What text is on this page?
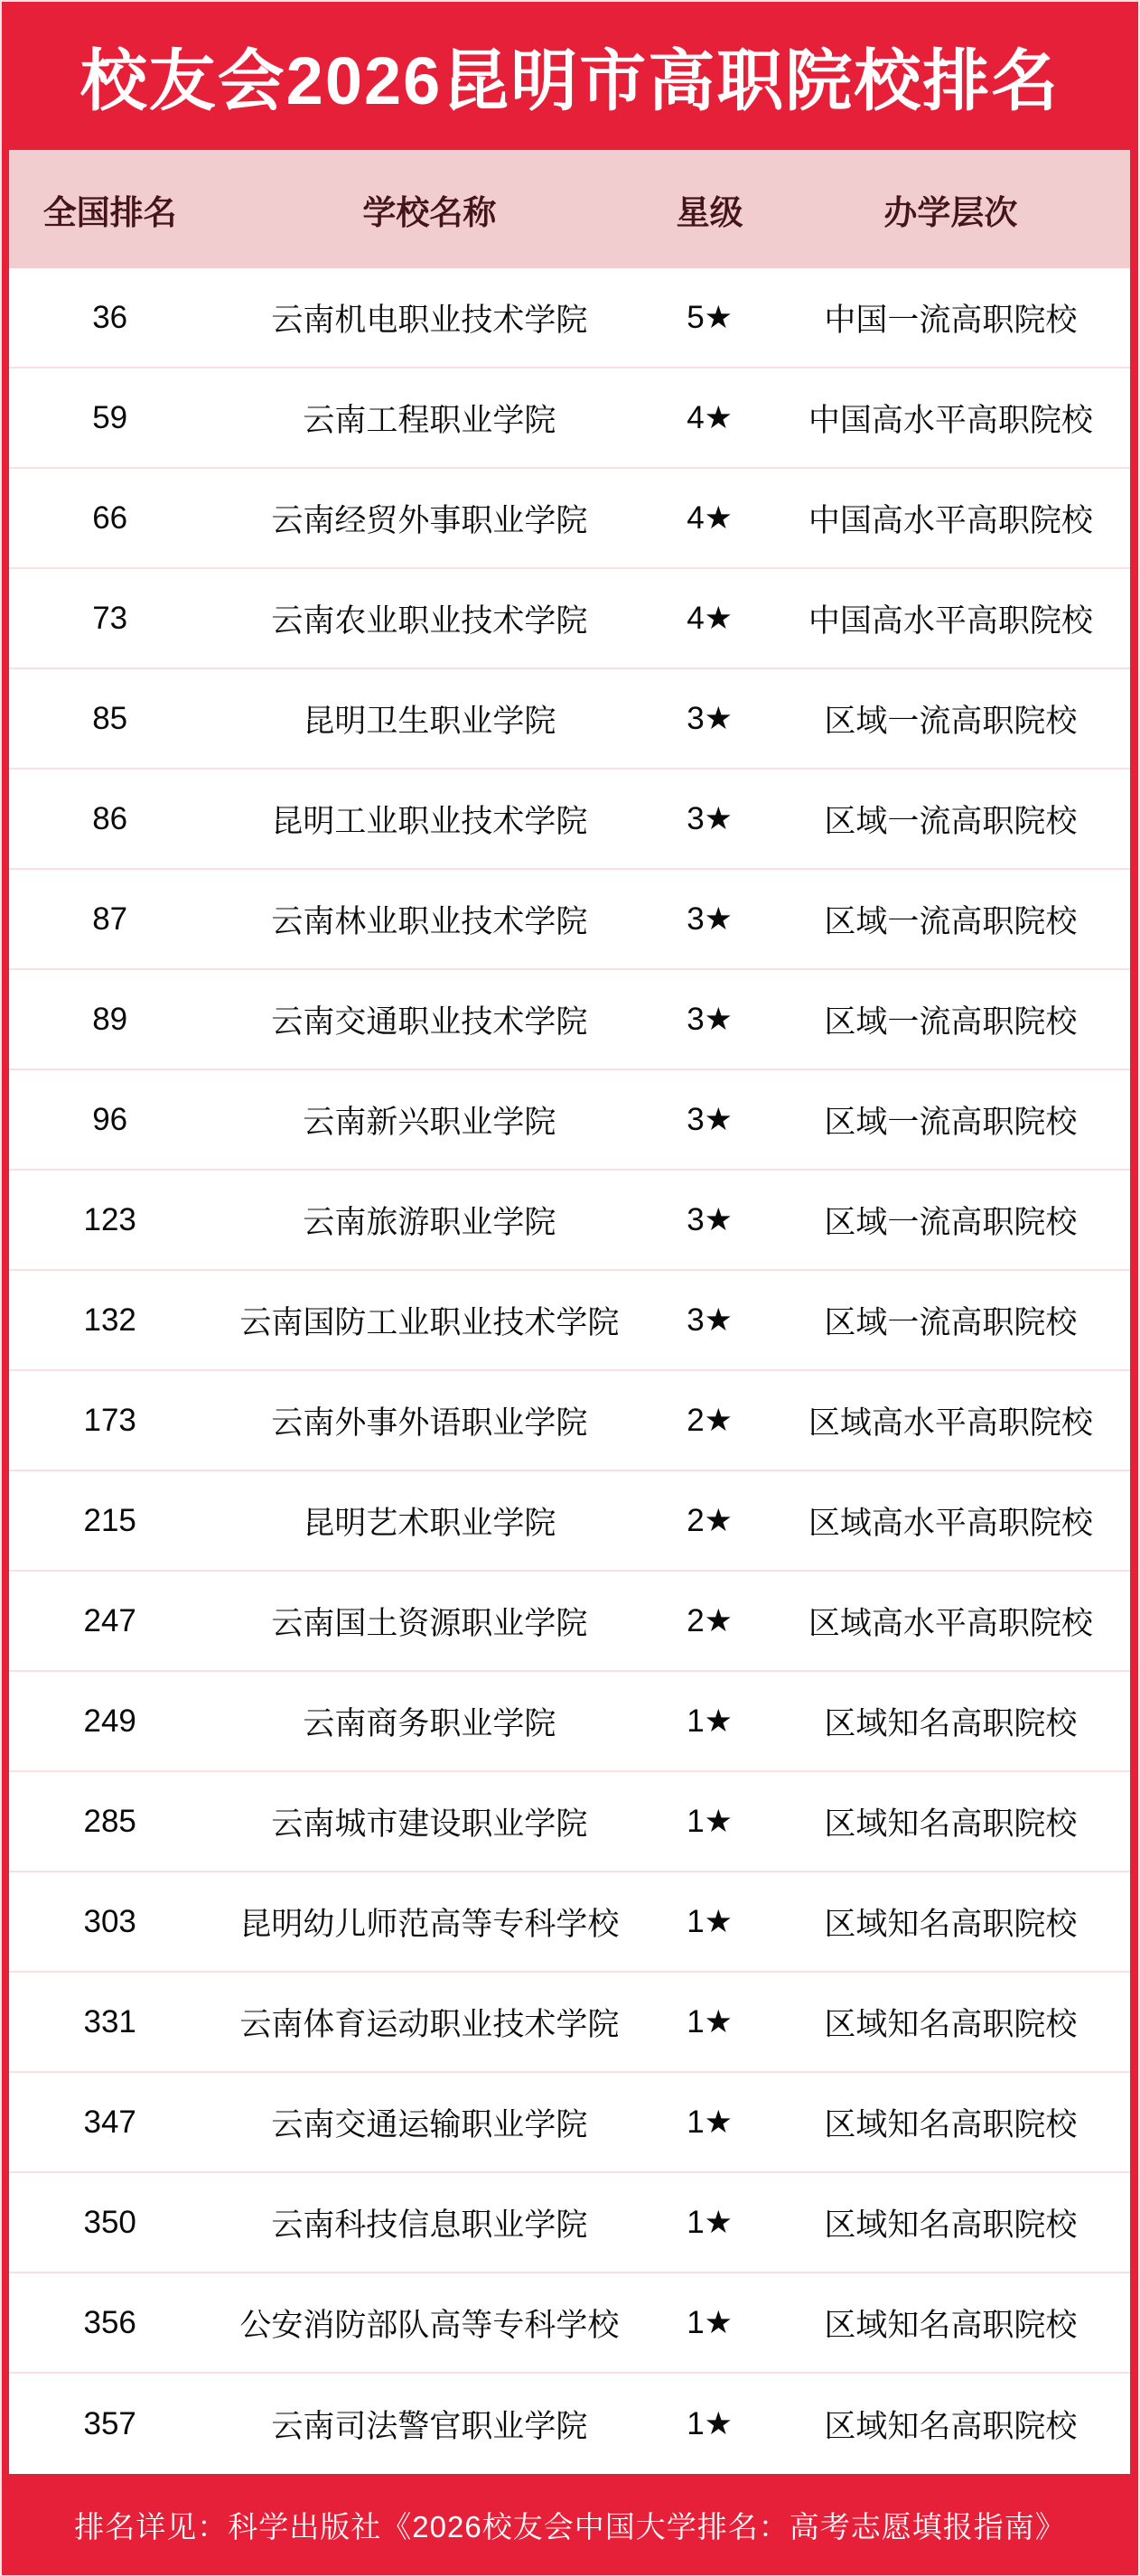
校友会2026昆明市高职院校排名
全国排名	学校名称	星级	办学层次
36	云南机电职业技术学院	5★	中国一流高职院校
59	云南工程职业学院	4★	中国高水平高职院校
66	云南经贸外事职业学院	4★	中国高水平高职院校
73	云南农业职业技术学院	4★	中国高水平高职院校
85	昆明卫生职业学院	3★	区域一流高职院校
86	昆明工业职业技术学院	3★	区域一流高职院校
87	云南林业职业技术学院	3★	区域一流高职院校
89	云南交通职业技术学院	3★	区域一流高职院校
96	云南新兴职业学院	3★	区域一流高职院校
123	云南旅游职业学院	3★	区域一流高职院校
132	云南国防工业职业技术学院	3★	区域一流高职院校
173	云南外事外语职业学院	2★	区域高水平高职院校
215	昆明艺术职业学院	2★	区域高水平高职院校
247	云南国土资源职业学院	2★	区域高水平高职院校
249	云南商务职业学院	1★	区域知名高职院校
285	云南城市建设职业学院	1★	区域知名高职院校
303	昆明幼儿师范高等专科学校	1★	区域知名高职院校
331	云南体育运动职业技术学院	1★	区域知名高职院校
347	云南交通运输职业学院	1★	区域知名高职院校
350	云南科技信息职业学院	1★	区域知名高职院校
356	公安消防部队高等专科学校	1★	区域知名高职院校
357	云南司法警官职业学院	1★	区域知名高职院校
排名详见：科学出版社《2026校友会中国大学排名：高考志愿填报指南》
